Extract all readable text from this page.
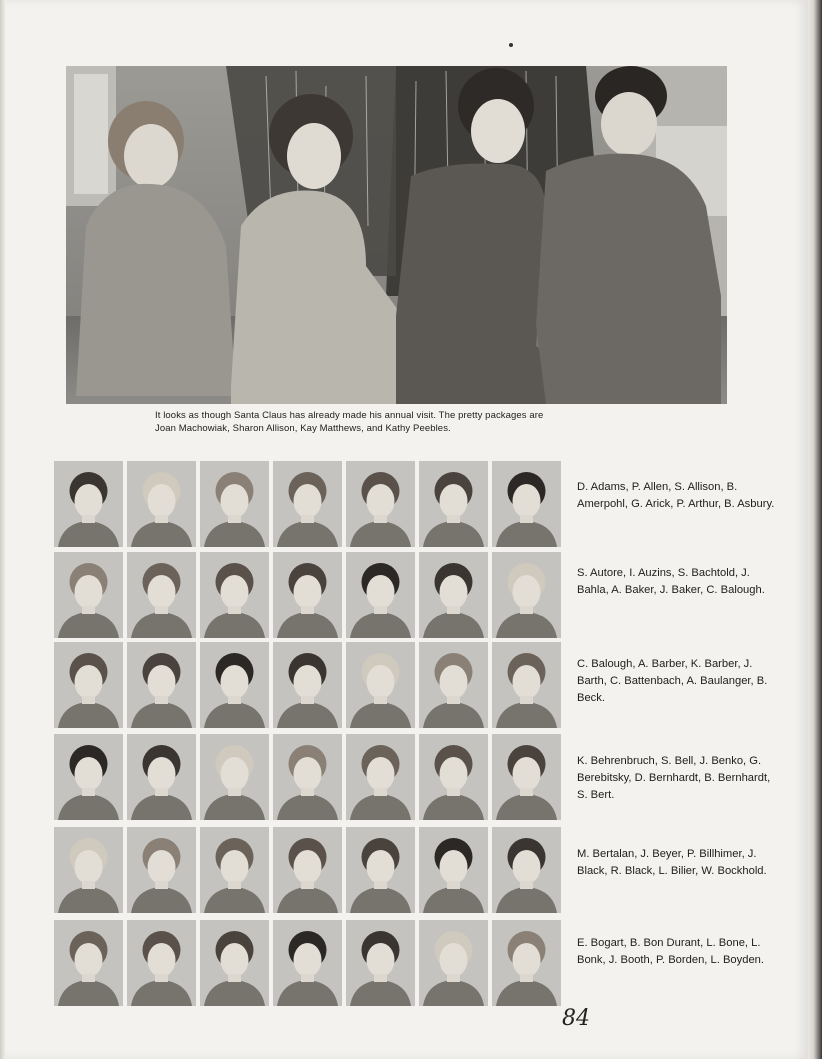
It looks as though Santa Claus has already made his annual visit. The pretty packages are

Joan Machowiak, Sharon Allison, Kay Matthews, and Kathy Peebles.

D. Adams, P. Allen, S. Allison, B. Amerpohl, G. Arick, P. Arthur, B. Asbury.

S. Autore, I. Auzins, S. Bachtold, J. Bahla, A. Baker, J. Baker, C. Balough.

C. Balough, A. Barber, K. Barber, J. Barth, C. Battenbach, A. Baulanger, B. Beck.

K. Behrenbruch, S. Bell, J. Benko, G. Berebitsky, D. Bernhardt, B. Bernhardt, S. Bert.

M. Bertalan, J. Beyer, P. Billhimer, J. Black, R. Black, L. Bilier, W. Bockhold.

E. Bogart, B. Bon Durant, L. Bone, L. Bonk, J. Booth, P. Borden, L. Boyden.

84
